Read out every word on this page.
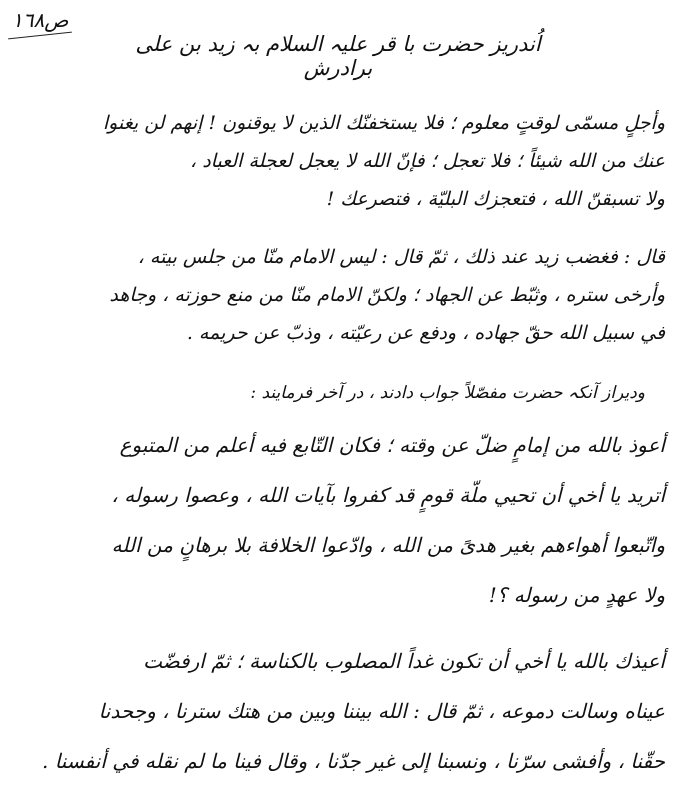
ص١٦٨
اُندريز حضرت با قر علیہ السلام بہ زید بن علی برادرش
وأجلٍ مسمّى لوقتٍ معلوم ؛ فلا يستخفنّك الذين لا يوقنون ! إنهم لن يغنوا
عنك من الله شيئاً ؛ فلا تعجل ؛ فإنّ الله لا يعجل لعجلة العباد ،
ولا تسبقنّ الله ، فتعجزك البليّة ، فتصرعك !
قال : فغضب زيد عند ذلك ، ثمّ قال : ليس الامام منّا من جلس بيته ،
وأرخى ستره ، وثبّط عن الجهاد ؛ ولكنّ الامام منّا من منع حوزته ، وجاهد
في سبيل الله حقّ جهاده ، ودفع عن رعيّته ، وذبّ عن حريمه .
ودیراز آنکہ حضرت مفصّلاً جواب دادند ، در آخر فرمایند :
أعوذ بالله من إمامٍ ضلّ عن وقته ؛ فكان التّابع فيه أعلم من المتبوع
أتريد يا أخي أن تحيي ملّة قومٍ قد كفروا بآيات الله ، وعصوا رسوله ،
واتّبعوا أهواءهم بغير هدىً من الله ، وادّعوا الخلافة بلا برهانٍ من الله
ولا عهدٍ من رسوله ؟!
أعيذك بالله يا أخي أن تكون غداً المصلوب بالكناسة ؛ ثمّ ارفضّت
عيناه وسالت دموعه ، ثمّ قال : الله بيننا وبين من هتك سترنا ، وجحدنا
حقّنا ، وأفشى سرّنا ، ونسبنا إلى غير جدّنا ، وقال فينا ما لم نقله في أنفسنا .
